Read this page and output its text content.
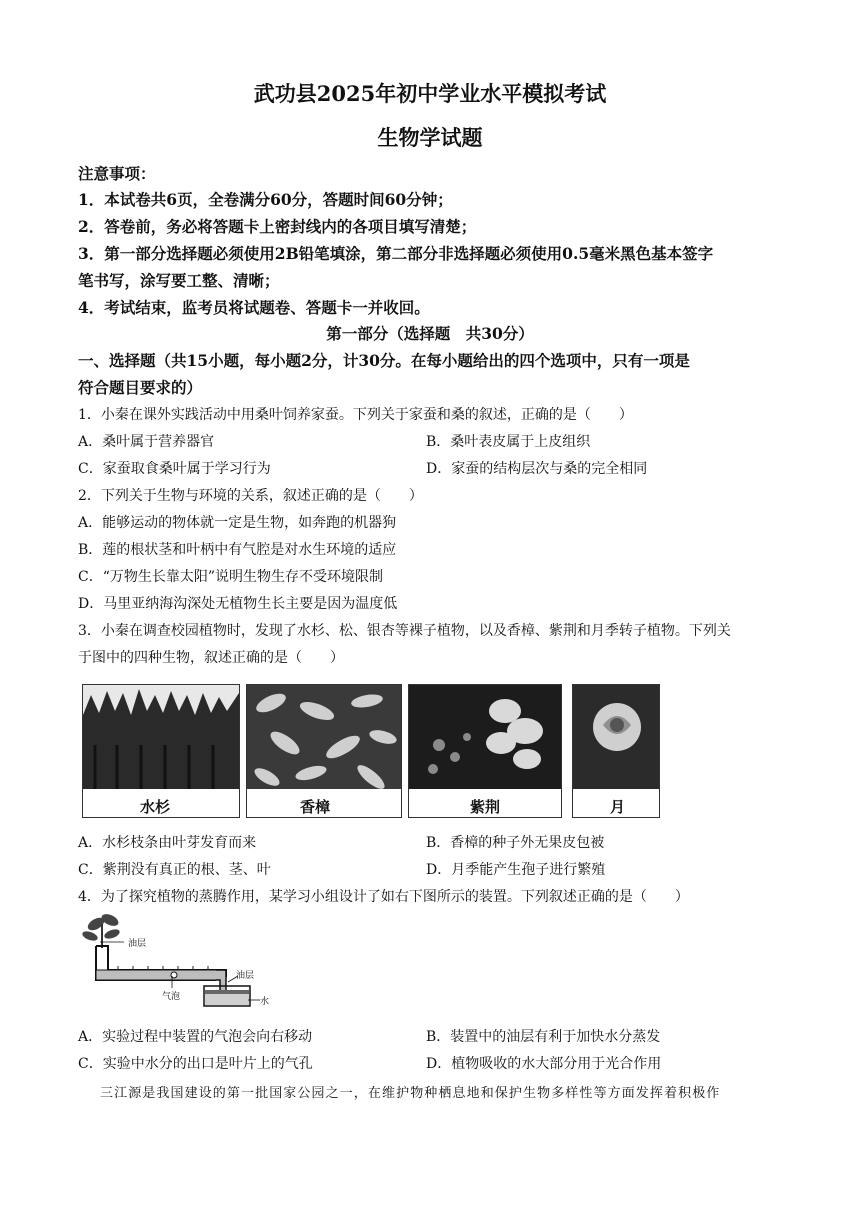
武功县2025年初中学业水平模拟考试
生物学试题
注意事项：
1．本试卷共6页，全卷满分60分，答题时间60分钟；
2．答卷前，务必将答题卡上密封线内的各项目填写清楚；
3．第一部分选择题必须使用2B铅笔填涂，第二部分非选择题必须使用0.5毫米黑色基本签字
笔书写，涂写要工整、清晰；
4．考试结束，监考员将试题卷、答题卡一并收回。
第一部分（选择题　共30分）
一、选择题（共15小题，每小题2分，计30分。在每小题给出的四个选项中，只有一项是
符合题目要求的）
1．小秦在课外实践活动中用桑叶饲养家蚕。下列关于家蚕和桑的叙述，正确的是（　　）
A．桑叶属于营养器官	B．桑叶表皮属于上皮组织
C．家蚕取食桑叶属于学习行为	D．家蚕的结构层次与桑的完全相同
2．下列关于生物与环境的关系，叙述正确的是（　　）
A．能够运动的物体就一定是生物，如奔跑的机器狗
B．莲的根状茎和叶柄中有气腔是对水生环境的适应
C．“万物生长靠太阳”说明生物生存不受环境限制
D．马里亚纳海沟深处无植物生长主要是因为温度低
3．小秦在调查校园植物时，发现了水杉、松、银杏等裸子植物，以及香樟、紫荆和月季转子植物。下列关
于图中的四种生物，叙述正确的是（　　）
水杉	香樟	紫荆	月
A．水杉枝条由叶芽发育而来	B．香樟的种子外无果皮包被
C．紫荆没有真正的根、茎、叶	D．月季能产生孢子进行繁殖
4．为了探究植物的蒸腾作用，某学习小组设计了如右下图所示的装置。下列叙述正确的是（　　）
油层
油层
气泡	水
A．实验过程中装置的气泡会向右移动	B．装置中的油层有利于加快水分蒸发
C．实验中水分的出口是叶片上的气孔	D．植物吸收的水大部分用于光合作用
三江源是我国建设的第一批国家公园之一，在维护物种栖息地和保护生物多样性等方面发挥着积极作
